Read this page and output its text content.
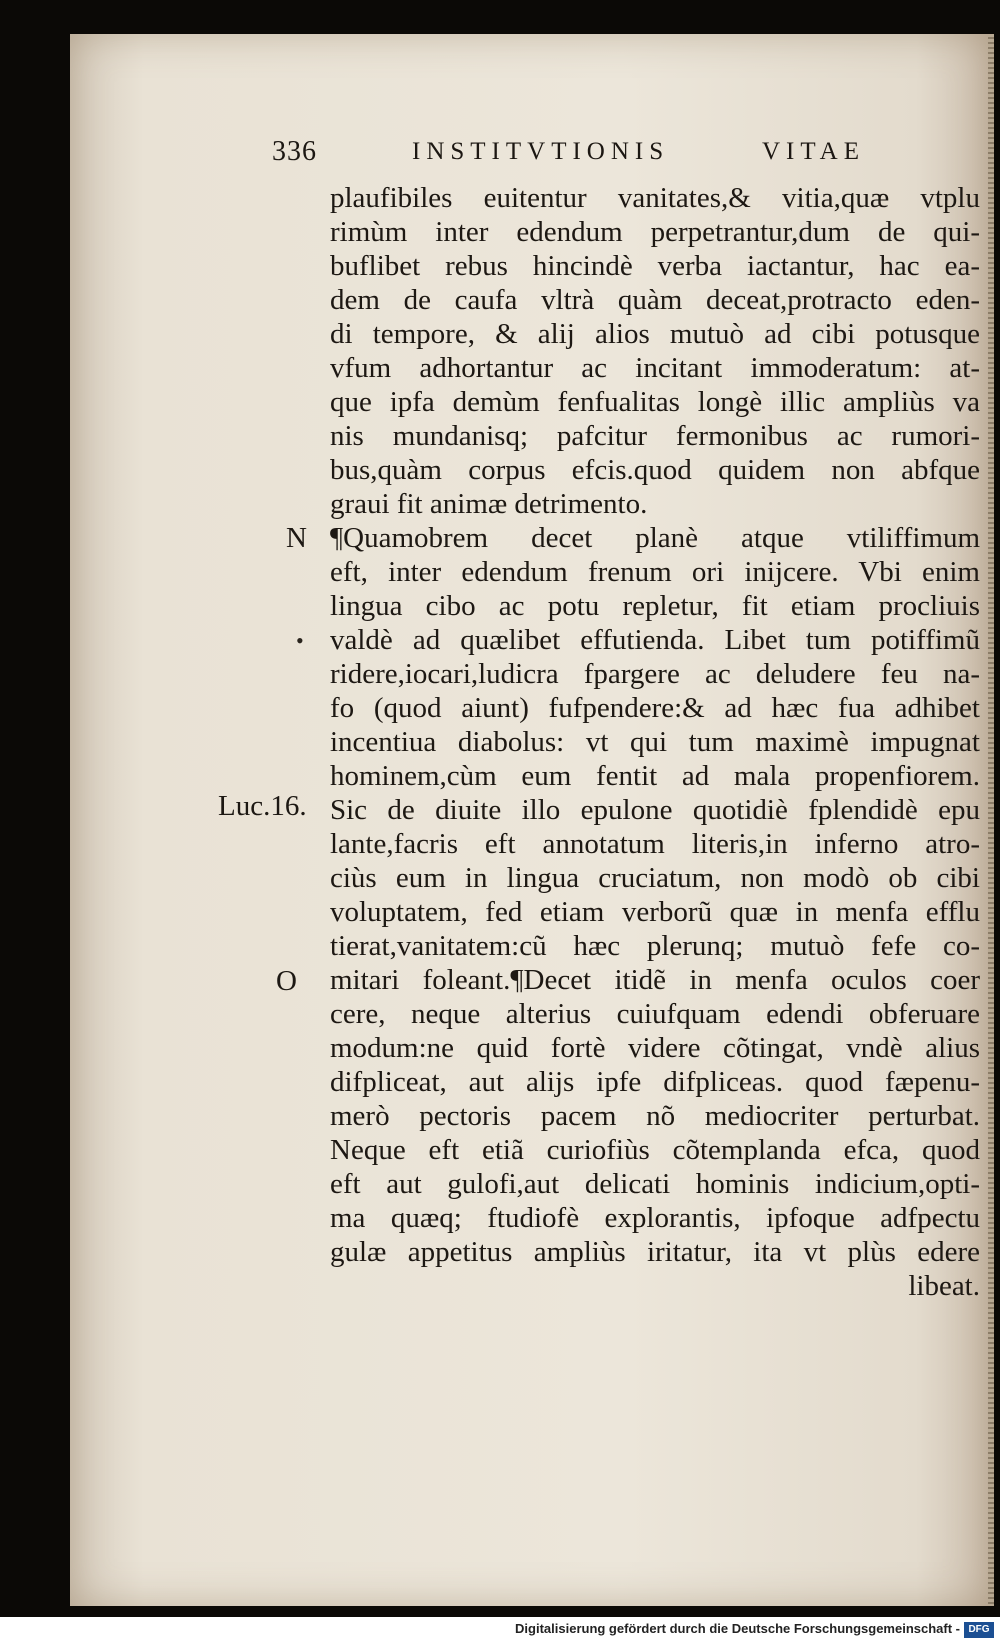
336	INSTITVTIONIS	VITAE
N
Luc.16.
O
•
plaufibiles euitentur vanitates,& vitia,quæ vtplu
rimùm inter edendum perpetrantur,dum de qui-
buflibet rebus hincindè verba iactantur, hac ea-
dem de caufa vltrà quàm deceat,protracto eden-
di tempore, & alij alios mutuò ad cibi potusque
vfum adhortantur ac incitant immoderatum: at-
que ipfa demùm fenfualitas longè illic ampliùs va
nis mundanisq; pafcitur fermonibus ac rumori-
bus,quàm corpus efcis.quod quidem non abfque
graui fit animæ detrimento.
¶Quamobrem decet planè atque vtiliffimum
eft, inter edendum frenum ori inijcere. Vbi enim
lingua cibo ac potu repletur, fit etiam procliuis
valdè ad quælibet effutienda. Libet tum potiffimũ
ridere,iocari,ludicra fpargere ac deludere feu na-
fo (quod aiunt) fufpendere:& ad hæc fua adhibet
incentiua diabolus: vt qui tum maximè impugnat
hominem,cùm eum fentit ad mala propenfiorem.
Sic de diuite illo epulone quotidiè fplendidè epu
lante,facris eft annotatum literis,in inferno atro-
ciùs eum in lingua cruciatum, non modò ob cibi
voluptatem, fed etiam verborũ quæ in menfa efflu
tierat,vanitatem:cũ hæc plerunq; mutuò fefe co-
mitari foleant.¶Decet itidẽ in menfa oculos coer
cere, neque alterius cuiufquam edendi obferuare
modum:ne quid fortè videre cõtingat, vndè alius
difpliceat, aut alijs ipfe difpliceas. quod fæpenu-
merò pectoris pacem nõ mediocriter perturbat.
Neque eft etiã curiofiùs cõtemplanda efca, quod
eft aut gulofi,aut delicati hominis indicium,opti-
ma quæq; ftudiofè explorantis, ipfoque adfpectu
gulæ appetitus ampliùs iritatur, ita vt plùs edere
libeat.
Digitalisierung gefördert durch die Deutsche Forschungsgemeinschaft - DFG
